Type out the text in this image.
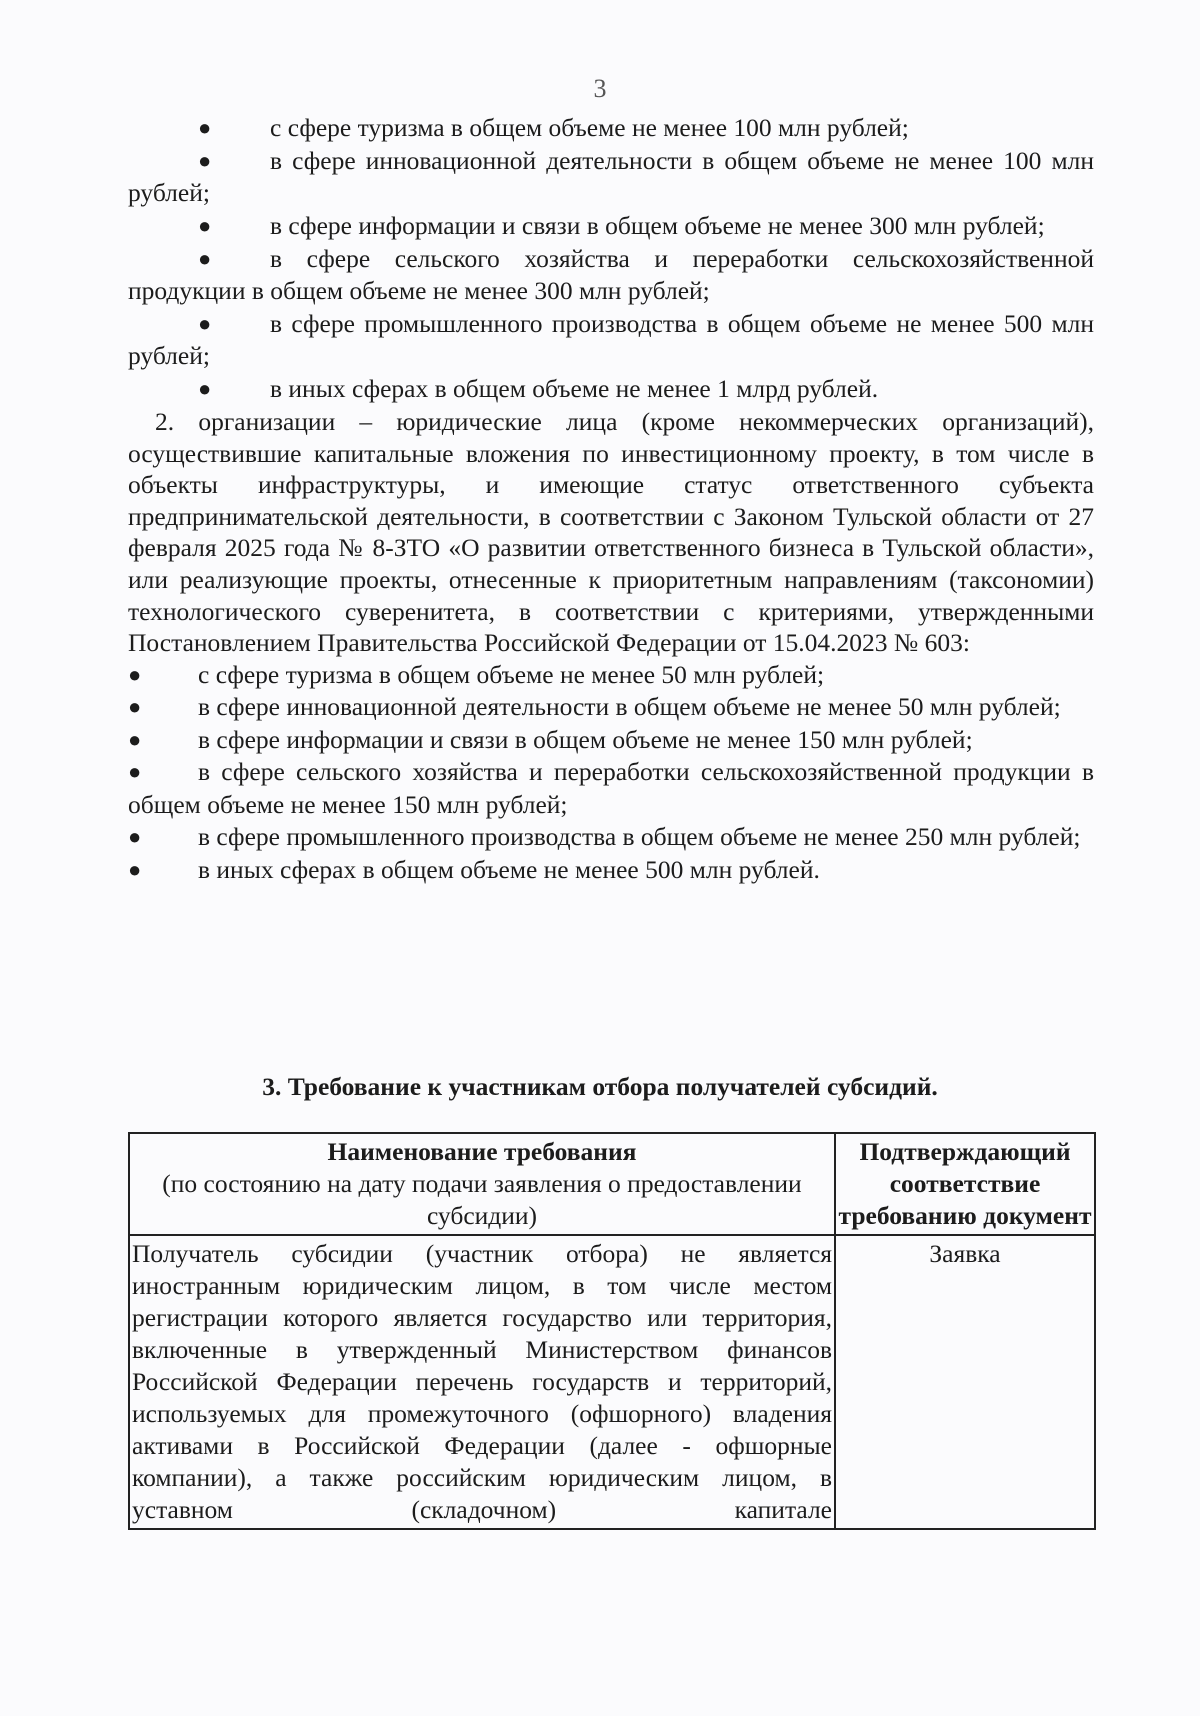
3

● с сфере туризма в общем объеме не менее 100 млн рублей;

● в сфере инновационной деятельности в общем объеме не менее 100 млн рублей;

● в сфере информации и связи в общем объеме не менее 300 млн рублей;

● в сфере сельского хозяйства и переработки сельскохозяйственной продукции в общем объеме не менее 300 млн рублей;

● в сфере промышленного производства в общем объеме не менее 500 млн рублей;

● в иных сферах в общем объеме не менее 1 млрд рублей.

2. организации – юридические лица (кроме некоммерческих организаций), осуществившие капитальные вложения по инвестиционному проекту, в том числе в объекты инфраструктуры, и имеющие статус ответственного субъекта предпринимательской деятельности, в соответствии с Законом Тульской области от 27 февраля 2025 года № 8-ЗТО «О развитии ответственного бизнеса в Тульской области», или реализующие проекты, отнесенные к приоритетным направлениям (таксономии) технологического суверенитета, в соответствии с критериями, утвержденными Постановлением Правительства Российской Федерации от 15.04.2023 № 603:

● с сфере туризма в общем объеме не менее 50 млн рублей;

● в сфере инновационной деятельности в общем объеме не менее 50 млн рублей;

● в сфере информации и связи в общем объеме не менее 150 млн рублей;

● в сфере сельского хозяйства и переработки сельскохозяйственной продукции в общем объеме не менее 150 млн рублей;

● в сфере промышленного производства в общем объеме не менее 250 млн рублей;

● в иных сферах в общем объеме не менее 500 млн рублей.

3. Требование к участникам отбора получателей субсидий.
Наименование требования
(по состоянию на дату подачи заявления о предоставлении субсидии)	Подтверждающий соответствие требованию документ
Получатель субсидии (участник отбора) не является иностранным юридическим лицом, в том числе местом регистрации которого является государство или территория, включенные в утвержденный Министерством финансов Российской Федерации перечень государств и территорий, используемых для промежуточного (офшорного) владения активами в Российской Федерации (далее - офшорные компании), а также российским юридическим лицом, в уставном (складочном) капитале	Заявка
